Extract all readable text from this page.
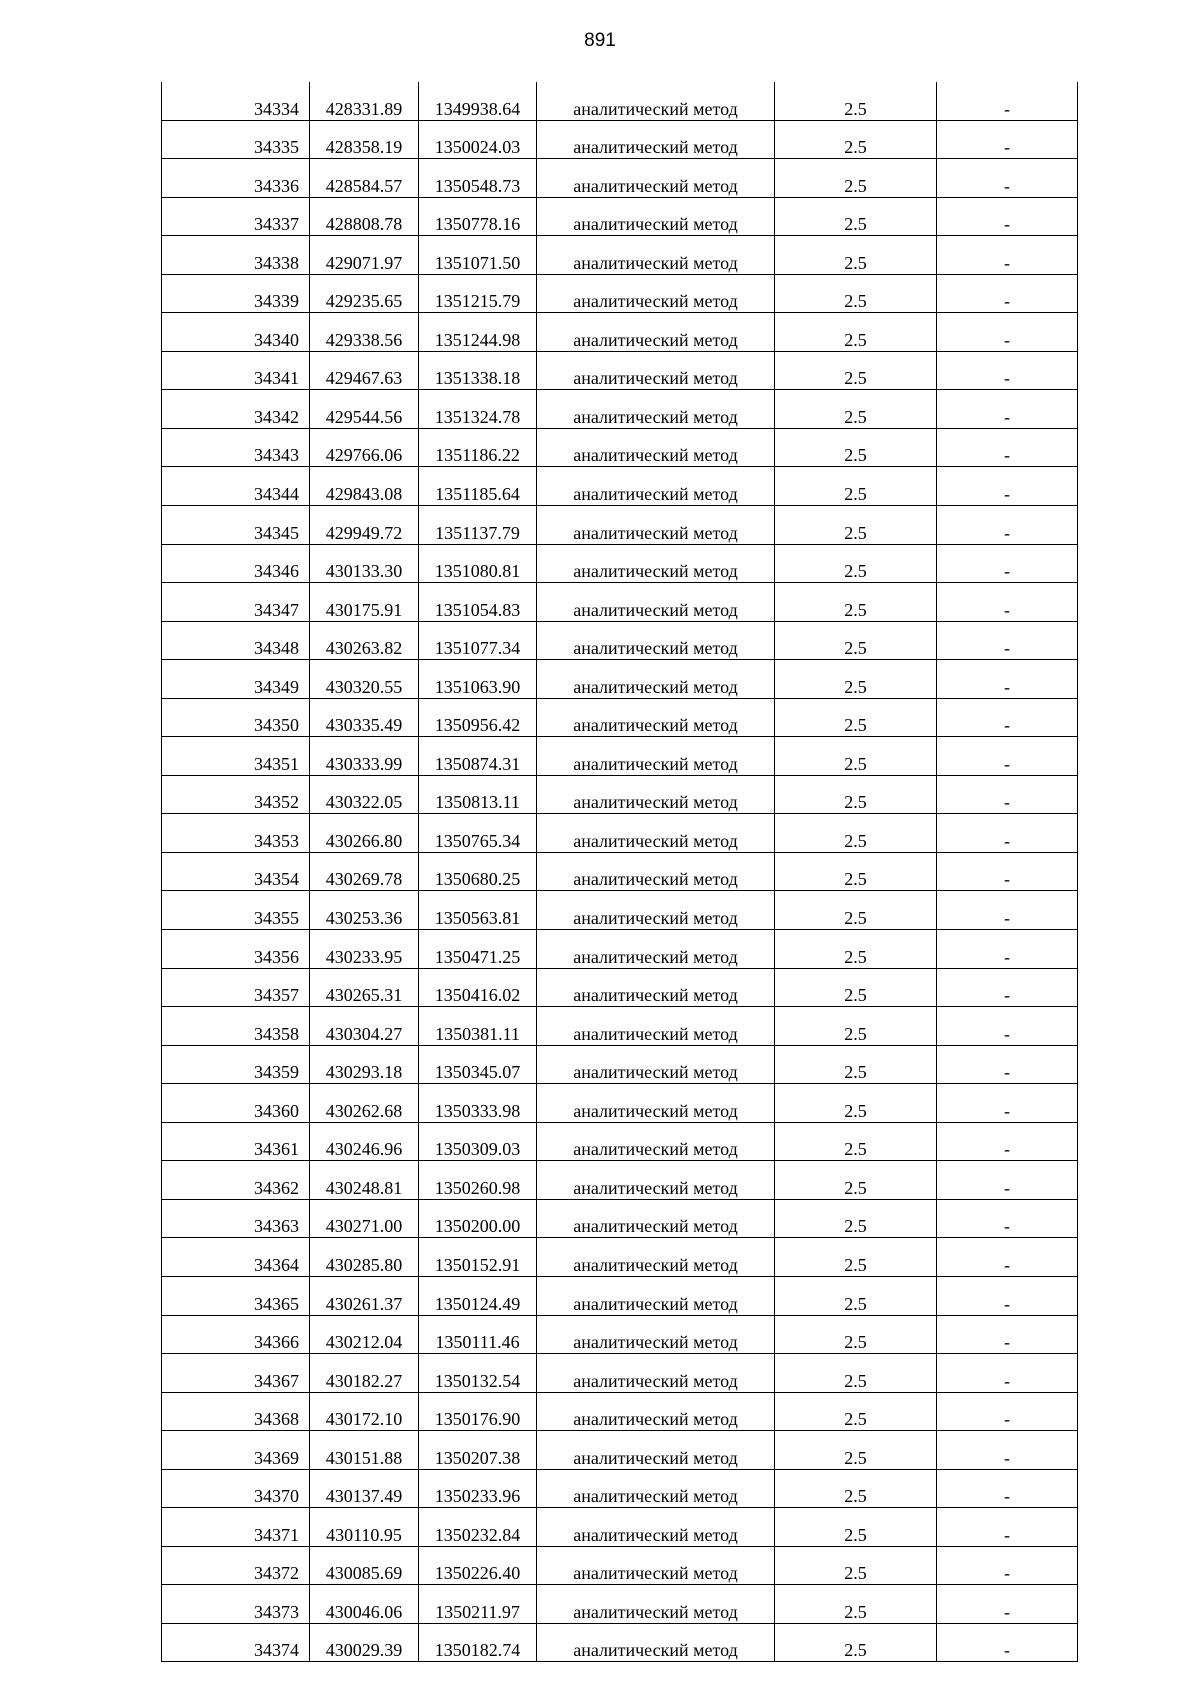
891
34334	428331.89	1349938.64	аналитический метод	2.5	-
34335	428358.19	1350024.03	аналитический метод	2.5	-
34336	428584.57	1350548.73	аналитический метод	2.5	-
34337	428808.78	1350778.16	аналитический метод	2.5	-
34338	429071.97	1351071.50	аналитический метод	2.5	-
34339	429235.65	1351215.79	аналитический метод	2.5	-
34340	429338.56	1351244.98	аналитический метод	2.5	-
34341	429467.63	1351338.18	аналитический метод	2.5	-
34342	429544.56	1351324.78	аналитический метод	2.5	-
34343	429766.06	1351186.22	аналитический метод	2.5	-
34344	429843.08	1351185.64	аналитический метод	2.5	-
34345	429949.72	1351137.79	аналитический метод	2.5	-
34346	430133.30	1351080.81	аналитический метод	2.5	-
34347	430175.91	1351054.83	аналитический метод	2.5	-
34348	430263.82	1351077.34	аналитический метод	2.5	-
34349	430320.55	1351063.90	аналитический метод	2.5	-
34350	430335.49	1350956.42	аналитический метод	2.5	-
34351	430333.99	1350874.31	аналитический метод	2.5	-
34352	430322.05	1350813.11	аналитический метод	2.5	-
34353	430266.80	1350765.34	аналитический метод	2.5	-
34354	430269.78	1350680.25	аналитический метод	2.5	-
34355	430253.36	1350563.81	аналитический метод	2.5	-
34356	430233.95	1350471.25	аналитический метод	2.5	-
34357	430265.31	1350416.02	аналитический метод	2.5	-
34358	430304.27	1350381.11	аналитический метод	2.5	-
34359	430293.18	1350345.07	аналитический метод	2.5	-
34360	430262.68	1350333.98	аналитический метод	2.5	-
34361	430246.96	1350309.03	аналитический метод	2.5	-
34362	430248.81	1350260.98	аналитический метод	2.5	-
34363	430271.00	1350200.00	аналитический метод	2.5	-
34364	430285.80	1350152.91	аналитический метод	2.5	-
34365	430261.37	1350124.49	аналитический метод	2.5	-
34366	430212.04	1350111.46	аналитический метод	2.5	-
34367	430182.27	1350132.54	аналитический метод	2.5	-
34368	430172.10	1350176.90	аналитический метод	2.5	-
34369	430151.88	1350207.38	аналитический метод	2.5	-
34370	430137.49	1350233.96	аналитический метод	2.5	-
34371	430110.95	1350232.84	аналитический метод	2.5	-
34372	430085.69	1350226.40	аналитический метод	2.5	-
34373	430046.06	1350211.97	аналитический метод	2.5	-
34374	430029.39	1350182.74	аналитический метод	2.5	-
